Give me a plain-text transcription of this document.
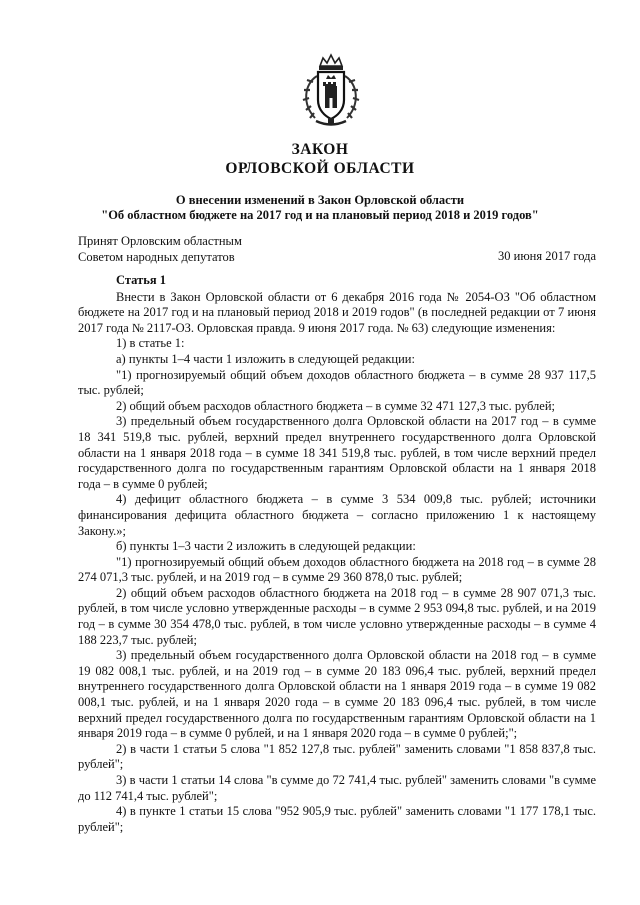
ЗАКОН
ОРЛОВСКОЙ ОБЛАСТИ
О внесении изменений в Закон Орловской области
"Об областном бюджете на 2017 год и на плановый период 2018 и 2019 годов"
Принят Орловским областным
Советом народных депутатов	30 июня 2017 года

Статья 1

Внести в Закон Орловской области от 6 декабря 2016 года № 2054-ОЗ "Об областном бюджете на 2017 год и на плановый период 2018 и 2019 годов" (в последней редакции от 7 июня 2017 года № 2117-ОЗ. Орловская правда. 9 июня 2017 года. № 63) следующие изменения:

1) в статье 1:

а) пункты 1–4 части 1 изложить в следующей редакции:

"1) прогнозируемый общий объем доходов областного бюджета – в сумме 28 937 117,5 тыс. рублей;

2) общий объем расходов областного бюджета – в сумме 32 471 127,3 тыс. рублей;

3) предельный объем государственного долга Орловской области на 2017 год – в сумме 18 341 519,8 тыс. рублей, верхний предел внутреннего государственного долга Орловской области на 1 января 2018 года – в сумме 18 341 519,8 тыс. рублей, в том числе верхний предел государственного долга по государственным гарантиям Орловской области на 1 января 2018 года – в сумме 0 рублей;

4) дефицит областного бюджета – в сумме 3 534 009,8 тыс. рублей; источники финансирования дефицита областного бюджета – согласно приложению 1 к настоящему Закону.»;

б) пункты 1–3 части 2 изложить в следующей редакции:

"1) прогнозируемый общий объем доходов областного бюджета на 2018 год – в сумме 28 274 071,3 тыс. рублей, и на 2019 год – в сумме 29 360 878,0 тыс. рублей;

2) общий объем расходов областного бюджета на 2018 год – в сумме 28 907 071,3 тыс. рублей, в том числе условно утвержденные расходы – в сумме 2 953 094,8 тыс. рублей, и на 2019 год – в сумме 30 354 478,0 тыс. рублей, в том числе условно утвержденные расходы – в сумме 4 188 223,7 тыс. рублей;

3) предельный объем государственного долга Орловской области на 2018 год – в сумме 19 082 008,1 тыс. рублей, и на 2019 год – в сумме 20 183 096,4 тыс. рублей, верхний предел внутреннего государственного долга Орловской области на 1 января 2019 года – в сумме 19 082 008,1 тыс. рублей, и на 1 января 2020 года – в сумме 20 183 096,4 тыс. рублей, в том числе верхний предел государственного долга по государственным гарантиям Орловской области на 1 января 2019 года – в сумме 0 рублей, и на 1 января 2020 года – в сумме 0 рублей;";

2) в части 1 статьи 5 слова "1 852 127,8 тыс. рублей" заменить словами "1 858 837,8 тыс. рублей";

3) в части 1 статьи 14 слова "в сумме до 72 741,4 тыс. рублей" заменить словами "в сумме до 112 741,4 тыс. рублей";

4) в пункте 1 статьи 15 слова "952 905,9 тыс. рублей" заменить словами "1 177 178,1 тыс. рублей";
